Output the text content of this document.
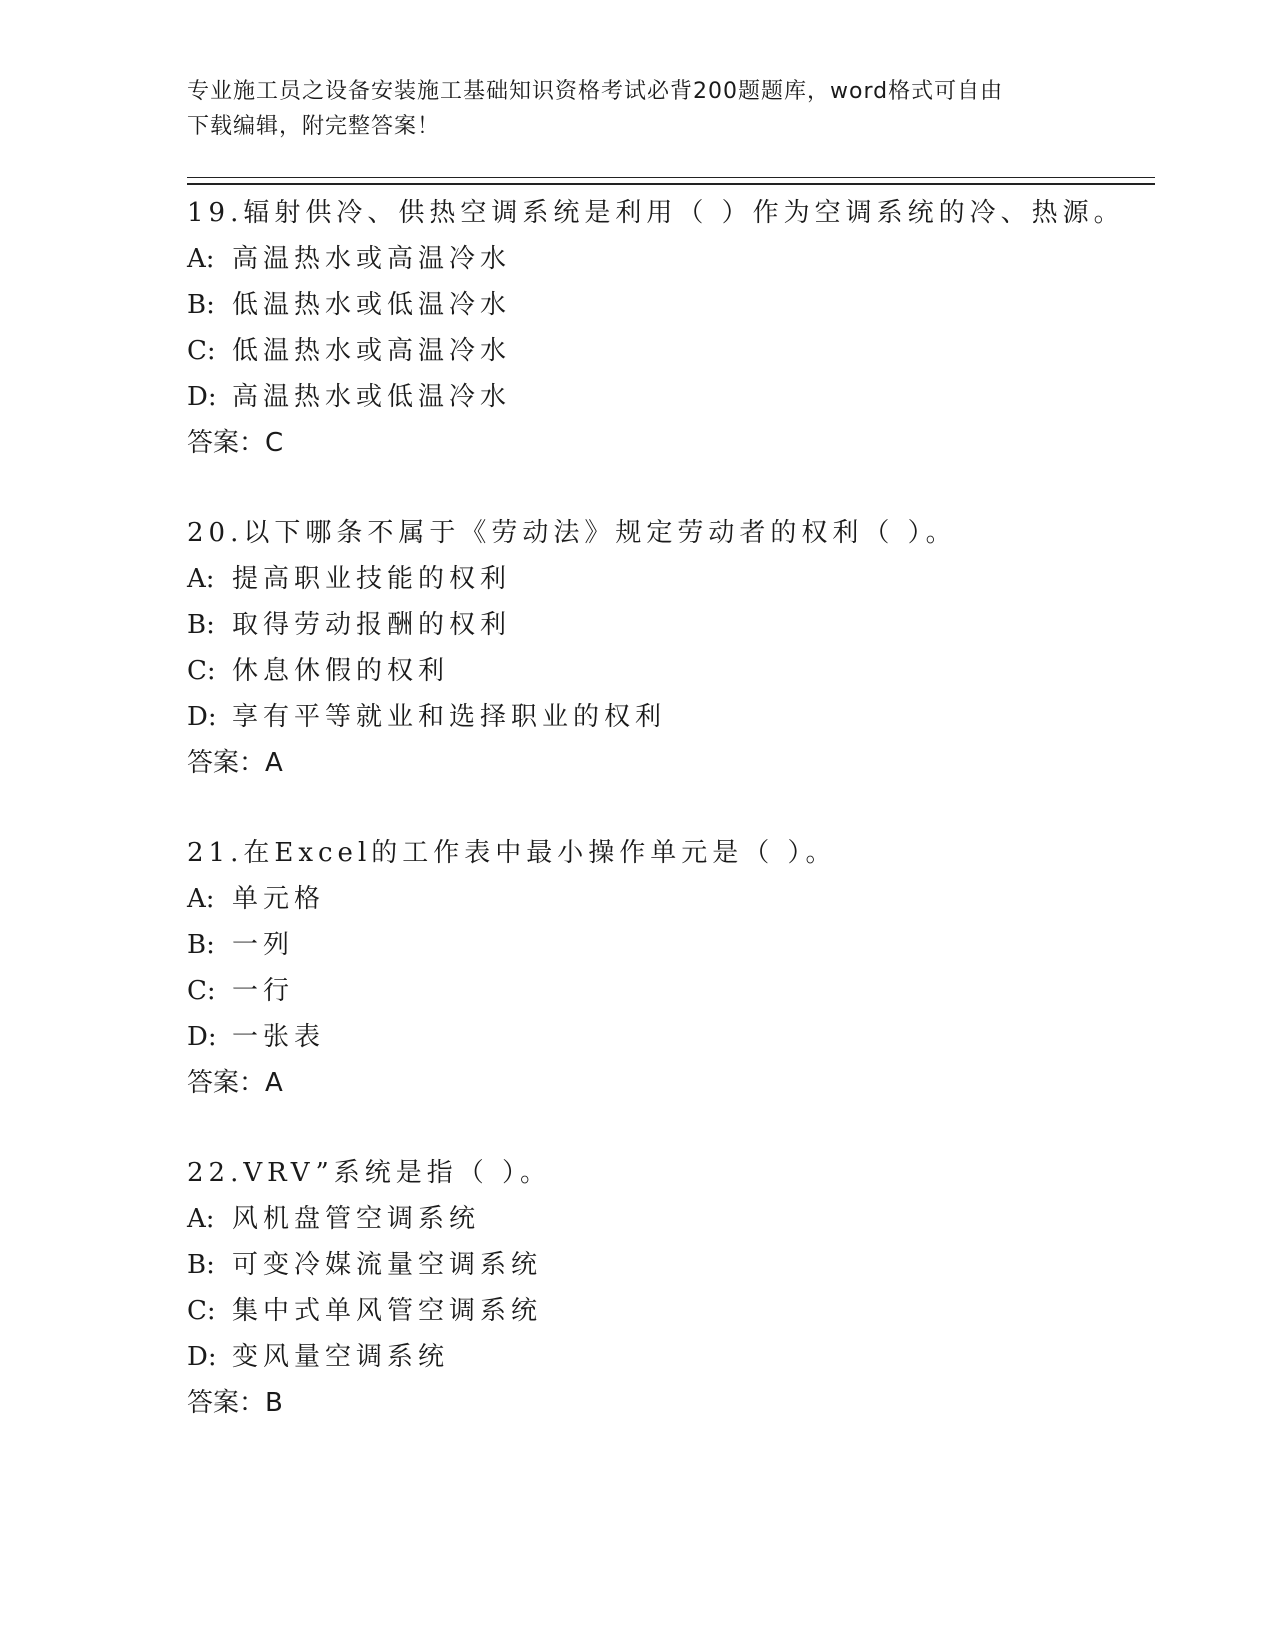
专业施工员之设备安装施工基础知识资格考试必背200题题库，word格式可自由
下载编辑，附完整答案！
19.辐射供冷、供热空调系统是利用（ ）作为空调系统的冷、热源。
A: 高温热水或高温冷水
B: 低温热水或低温冷水
C: 低温热水或高温冷水
D: 高温热水或低温冷水
答案：C
20.以下哪条不属于《劳动法》规定劳动者的权利（ ）。
A: 提高职业技能的权利
B: 取得劳动报酬的权利
C: 休息休假的权利
D: 享有平等就业和选择职业的权利
答案：A
21.在Excel的工作表中最小操作单元是（ ）。
A: 单元格
B: 一列
C: 一行
D: 一张表
答案：A
22.VRV”系统是指（ ）。
A: 风机盘管空调系统
B: 可变冷媒流量空调系统
C: 集中式单风管空调系统
D: 变风量空调系统
答案：B
